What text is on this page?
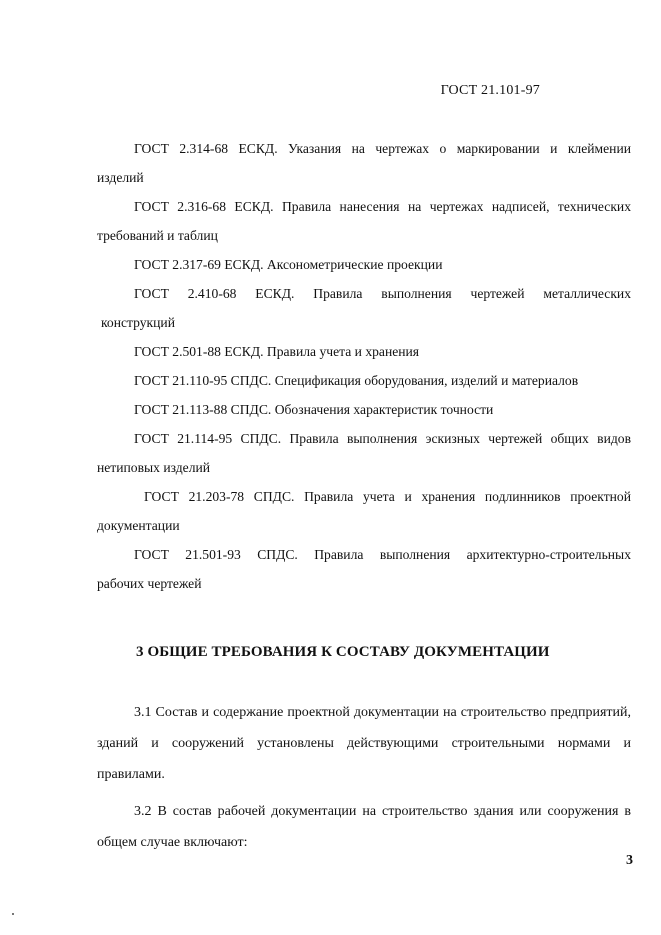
ГОСТ 21.101-97
ГОСТ 2.314-68 ЕСКД. Указания на чертежах о маркировании и клеймении
изделий
ГОСТ 2.316-68 ЕСКД. Правила нанесения на чертежах надписей, технических
требований и таблиц
ГОСТ 2.317-69 ЕСКД. Аксонометрические проекции
ГОСТ 2.410-68 ЕСКД. Правила выполнения чертежей металлических
конструкций
ГОСТ 2.501-88 ЕСКД. Правила учета и хранения
ГОСТ 21.110-95 СПДС. Спецификация оборудования, изделий и материалов
ГОСТ 21.113-88 СПДС. Обозначения характеристик точности
ГОСТ 21.114-95 СПДС. Правила выполнения эскизных чертежей общих видов
нетиповых изделий
ГОСТ 21.203-78 СПДС. Правила учета и хранения подлинников проектной
документации
ГОСТ 21.501-93 СПДС. Правила выполнения архитектурно-строительных
рабочих чертежей
3 ОБЩИЕ ТРЕБОВАНИЯ К СОСТАВУ ДОКУМЕНТАЦИИ
3.1 Состав и содержание проектной документации на строительство предприятий,
зданий и сооружений установлены действующими строительными нормами и
правилами.
3.2 В состав рабочей документации на строительство здания или сооружения в
общем случае включают:
3
